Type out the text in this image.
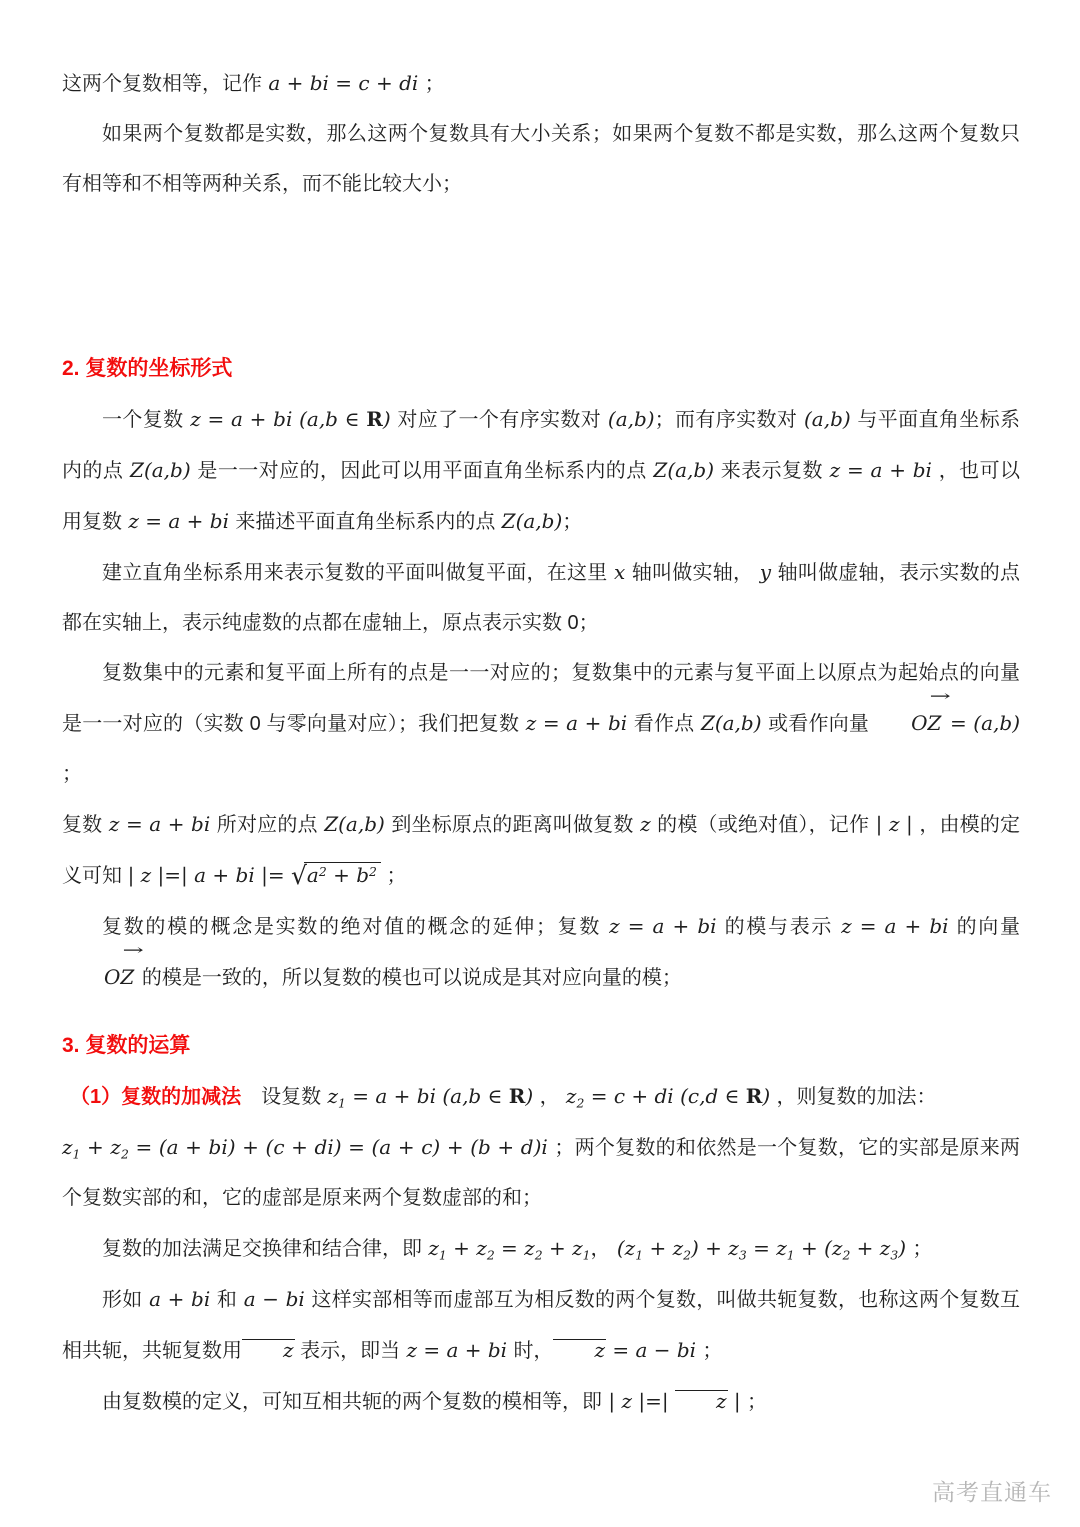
这两个复数相等，记作 a + bi = c + di ；

如果两个复数都是实数，那么这两个复数具有大小关系；如果两个复数不都是实数，那么这两个复数只有相等和不相等两种关系，而不能比较大小；

2. 复数的坐标形式

一个复数 z = a + bi (a,b ∈ R) 对应了一个有序实数对 (a,b)；而有序实数对 (a,b) 与平面直角坐标系内的点 Z(a,b) 是一一对应的，因此可以用平面直角坐标系内的点 Z(a,b) 来表示复数 z = a + bi ，也可以用复数 z = a + bi 来描述平面直角坐标系内的点 Z(a,b)；

建立直角坐标系用来表示复数的平面叫做复平面，在这里 x 轴叫做实轴， y 轴叫做虚轴，表示实数的点都在实轴上，表示纯虚数的点都在虚轴上，原点表示实数 0；

复数集中的元素和复平面上所有的点是一一对应的；复数集中的元素与复平面上以原点为起始点的向量是一一对应的（实数 0 与零向量对应）；我们把复数 z = a + bi 看作点 Z(a,b) 或看作向量
→
OZ = (a,b) ；

复数 z = a + bi 所对应的点 Z(a,b) 到坐标原点的距离叫做复数 z 的模（或绝对值），记作 | z | ，由模的定义可知 | z |=| a + bi |= $√a^2 + b^2$ ；

复数的模的概念是实数的绝对值的概念的延伸；复数 z = a + bi 的模与表示 z = a + bi 的向量
→
OZ 的模是一致的，所以复数的模也可以说成是其对应向量的模；

3. 复数的运算

（1）复数的加减法　设复数 $z_1 = a$ + bi (a,b ∈ R) ， $z_2 = c$ + di (c,d ∈ R) ，则复数的加法：

$z_1 + z_2 = (a + bi) + (c + di) = (a + c) + (b + d)i$ ；两个复数的和依然是一个复数，它的实部是原来两个复数实部的和，它的虚部是原来两个复数虚部的和；

复数的加法满足交换律和结合律，即 $z_1 + z_2 = z_2 + z_1$， $(z_1 + z_2) + z_3 = z_1 + (z_2 + z_3)$ ；

形如 a + bi 和 a − bi 这样实部相等而虚部互为相反数的两个复数，叫做共轭复数，也称这两个复数互相共轭，共轭复数用 z 表示，即当 z = a + bi 时， z = a − bi ；

由复数模的定义，可知互相共轭的两个复数的模相等，即 | z |=| z | ；

高考直通车
